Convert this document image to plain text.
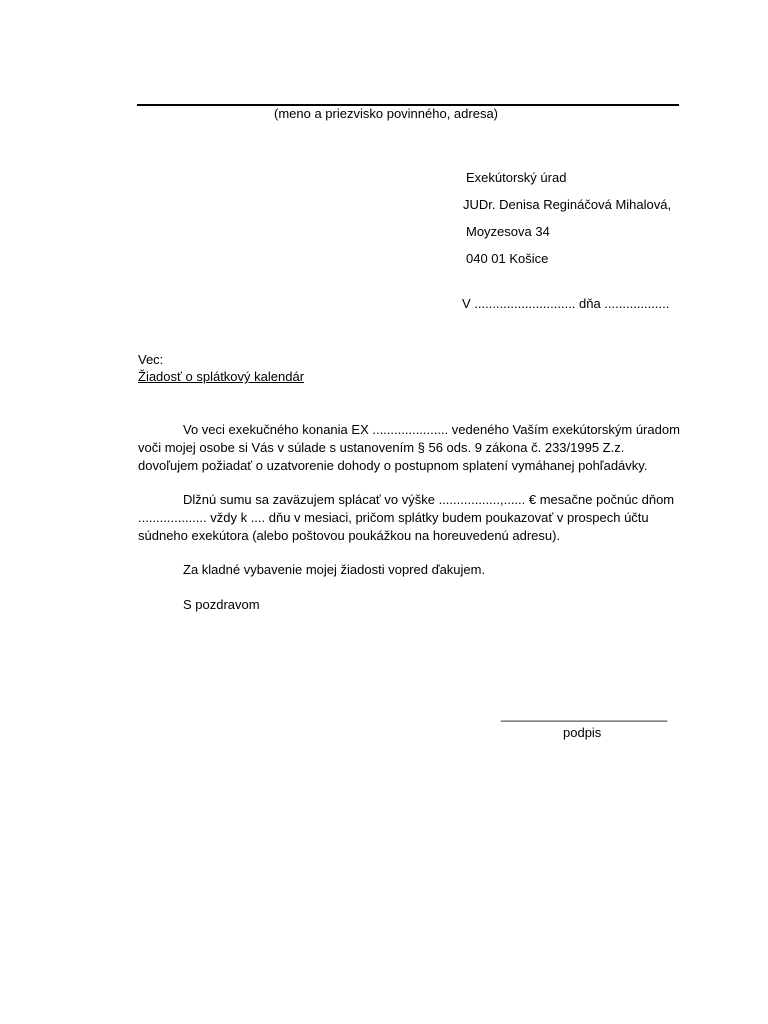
(meno a priezvisko povinného, adresa)
Exekútorský úrad
JUDr. Denisa Regináčová Mihalová,
Moyzesova 34
040 01 Košice
V ............................ dňa ..................
Vec:
Žiadosť o splátkový kalendár
Vo veci exekučného konania EX ..................... vedeného Vaším exekútorským úradom
voči mojej osobe si Vás v súlade s ustanovením § 56 ods. 9 zákona č. 233/1995 Z.z.
dovoľujem požiadať o uzatvorenie dohody o postupnom splatení vymáhanej pohľadávky.
Dlžnú sumu sa zaväzujem splácať vo výške .................,...... € mesačne počnúc dňom
................... vždy k .... dňu v mesiaci, pričom splátky budem poukazovať v prospech účtu
súdneho exekútora (alebo poštovou poukážkou na horeuvedenú adresu).
Za kladné vybavenie mojej žiadosti vopred ďakujem.
S pozdravom
_______________________
podpis
